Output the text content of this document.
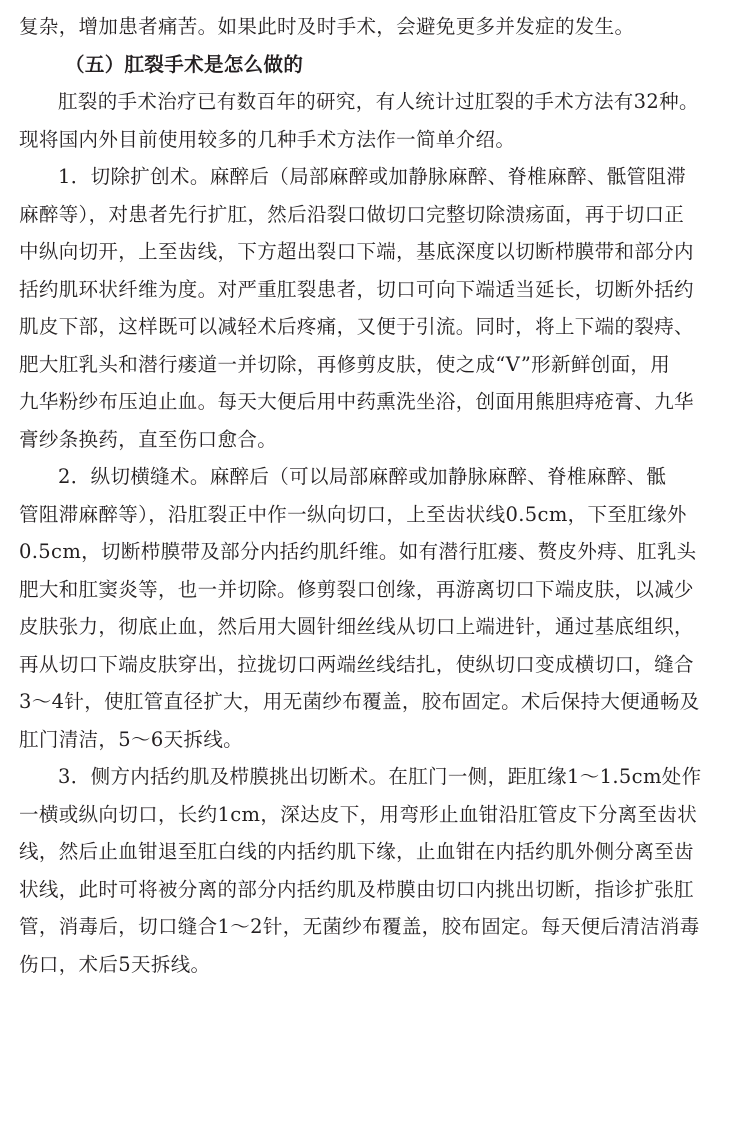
复杂，增加患者痛苦。如果此时及时手术，会避免更多并发症的发生。
（五）肛裂手术是怎么做的
肛裂的手术治疗已有数百年的研究，有人统计过肛裂的手术方法有32种。
现将国内外目前使用较多的几种手术方法作一简单介绍。
1．切除扩创术。麻醉后（局部麻醉或加静脉麻醉、脊椎麻醉、骶管阻滞
麻醉等），对患者先行扩肛，然后沿裂口做切口完整切除溃疡面，再于切口正
中纵向切开，上至齿线，下方超出裂口下端，基底深度以切断栉膜带和部分内
括约肌环状纤维为度。对严重肛裂患者，切口可向下端适当延长，切断外括约
肌皮下部，这样既可以减轻术后疼痛，又便于引流。同时，将上下端的裂痔、
肥大肛乳头和潜行瘘道一并切除，再修剪皮肤，使之成“V”形新鲜创面，用
九华粉纱布压迫止血。每天大便后用中药熏洗坐浴，创面用熊胆痔疮膏、九华
膏纱条换药，直至伤口愈合。
2．纵切横缝术。麻醉后（可以局部麻醉或加静脉麻醉、脊椎麻醉、骶
管阻滞麻醉等），沿肛裂正中作一纵向切口，上至齿状线0.5cm，下至肛缘外
0.5cm，切断栉膜带及部分内括约肌纤维。如有潜行肛瘘、赘皮外痔、肛乳头
肥大和肛窦炎等，也一并切除。修剪裂口创缘，再游离切口下端皮肤，以减少
皮肤张力，彻底止血，然后用大圆针细丝线从切口上端进针，通过基底组织，
再从切口下端皮肤穿出，拉拢切口两端丝线结扎，使纵切口变成横切口，缝合
3～4针，使肛管直径扩大，用无菌纱布覆盖，胶布固定。术后保持大便通畅及
肛门清洁，5～6天拆线。
3．侧方内括约肌及栉膜挑出切断术。在肛门一侧，距肛缘1～1.5cm处作
一横或纵向切口，长约1cm，深达皮下，用弯形止血钳沿肛管皮下分离至齿状
线，然后止血钳退至肛白线的内括约肌下缘，止血钳在内括约肌外侧分离至齿
状线，此时可将被分离的部分内括约肌及栉膜由切口内挑出切断，指诊扩张肛
管，消毒后，切口缝合1～2针，无菌纱布覆盖，胶布固定。每天便后清洁消毒
伤口，术后5天拆线。
